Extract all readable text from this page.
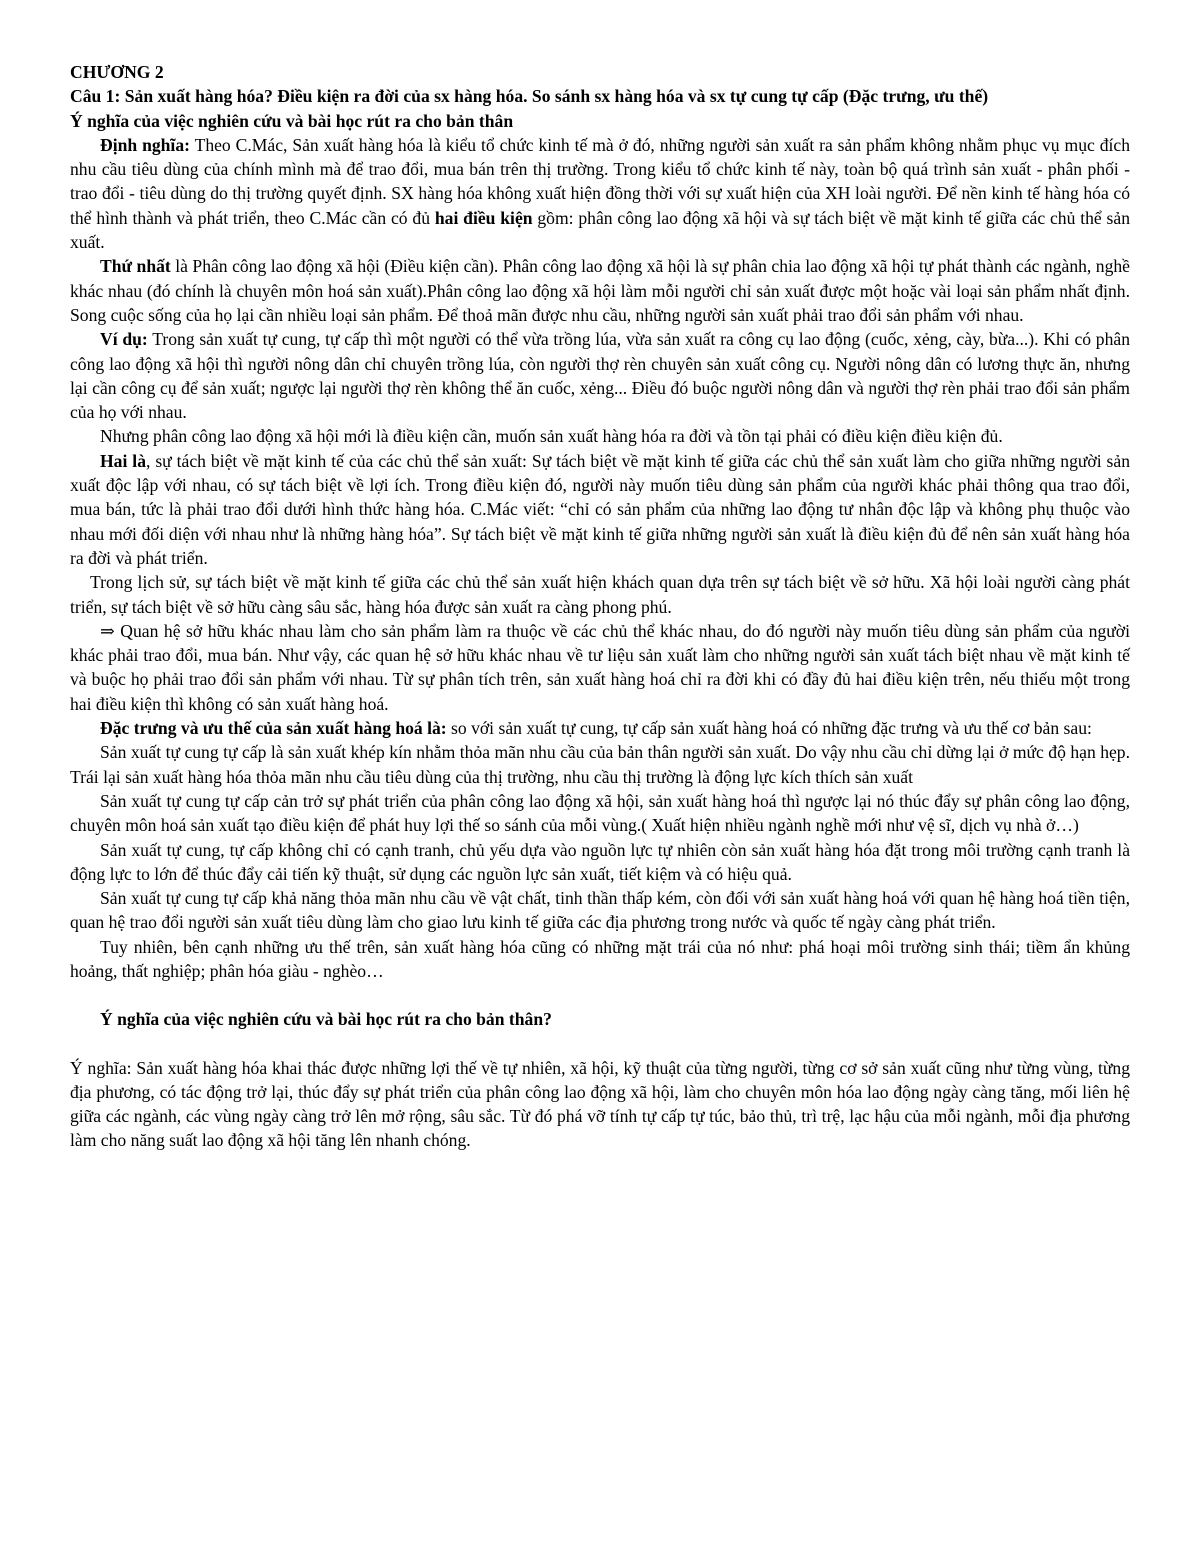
CHƯƠNG 2

Câu 1: Sản xuất hàng hóa? Điều kiện ra đời của sx hàng hóa. So sánh sx hàng hóa và sx tự cung tự cấp (Đặc trưng, ưu thế)

Ý nghĩa của việc nghiên cứu và bài học rút ra cho bản thân

Định nghĩa: Theo C.Mác, Sản xuất hàng hóa là kiểu tổ chức kinh tế mà ở đó, những người sản xuất ra sản phẩm không nhằm phục vụ mục đích nhu cầu tiêu dùng của chính mình mà để trao đổi, mua bán trên thị trường. Trong kiểu tổ chức kinh tế này, toàn bộ quá trình sản xuất - phân phối - trao đổi - tiêu dùng do thị trường quyết định. SX hàng hóa không xuất hiện đồng thời với sự xuất hiện của XH loài người. Để nền kinh tế hàng hóa có thể hình thành và phát triển, theo C.Mác cần có đủ hai điều kiện gồm: phân công lao động xã hội và sự tách biệt về mặt kinh tế giữa các chủ thể sản xuất.

Thứ nhất là Phân công lao động xã hội (Điều kiện cần). Phân công lao động xã hội là sự phân chia lao động xã hội tự phát thành các ngành, nghề khác nhau (đó chính là chuyên môn hoá sản xuất).Phân công lao động xã hội làm mỗi người chỉ sản xuất được một hoặc vài loại sản phẩm nhất định. Song cuộc sống của họ lại cần nhiều loại sản phẩm. Để thoả mãn được nhu cầu, những người sản xuất phải trao đổi sản phẩm với nhau.

Ví dụ: Trong sản xuất tự cung, tự cấp thì một người có thể vừa trồng lúa, vừa sản xuất ra công cụ lao động (cuốc, xẻng, cày, bừa...). Khi có phân công lao động xã hội thì người nông dân chỉ chuyên trồng lúa, còn người thợ rèn chuyên sản xuất công cụ. Người nông dân có lương thực ăn, nhưng lại cần công cụ để sản xuất; ngược lại người thợ rèn không thể ăn cuốc, xẻng... Điều đó buộc người nông dân và người thợ rèn phải trao đổi sản phẩm của họ với nhau.

Nhưng phân công lao động xã hội mới là điều kiện cần, muốn sản xuất hàng hóa ra đời và tồn tại phải có điều kiện điều kiện đủ.

Hai là, sự tách biệt về mặt kinh tế của các chủ thể sản xuất: Sự tách biệt về mặt kinh tế giữa các chủ thể sản xuất làm cho giữa những người sản xuất độc lập với nhau, có sự tách biệt về lợi ích. Trong điều kiện đó, người này muốn tiêu dùng sản phẩm của người khác phải thông qua trao đổi, mua bán, tức là phải trao đổi dưới hình thức hàng hóa. C.Mác viết: “chỉ có sản phẩm của những lao động tư nhân độc lập và không phụ thuộc vào nhau mới đối diện với nhau như là những hàng hóa”. Sự tách biệt về mặt kinh tế giữa những người sản xuất là điều kiện đủ để nên sản xuất hàng hóa ra đời và phát triển.

Trong lịch sử, sự tách biệt về mặt kinh tế giữa các chủ thể sản xuất hiện khách quan dựa trên sự tách biệt về sở hữu. Xã hội loài người càng phát triển, sự tách biệt về sở hữu càng sâu sắc, hàng hóa được sản xuất ra càng phong phú.

⇒ Quan hệ sở hữu khác nhau làm cho sản phẩm làm ra thuộc về các chủ thể khác nhau, do đó người này muốn tiêu dùng sản phẩm của người khác phải trao đổi, mua bán. Như vậy, các quan hệ sở hữu khác nhau về tư liệu sản xuất làm cho những người sản xuất tách biệt nhau về mặt kinh tế và buộc họ phải trao đổi sản phẩm với nhau. Từ sự phân tích trên, sản xuất hàng hoá chỉ ra đời khi có đầy đủ hai điều kiện trên, nếu thiếu một trong hai điều kiện thì không có sản xuất hàng hoá.

Đặc trưng và ưu thế của sản xuất hàng hoá là: so với sản xuất tự cung, tự cấp sản xuất hàng hoá có những đặc trưng và ưu thế cơ bản sau:

Sản xuất tự cung tự cấp là sản xuất khép kín nhằm thỏa mãn nhu cầu của bản thân người sản xuất. Do vậy nhu cầu chỉ dừng lại ở mức độ hạn hẹp. Trái lại sản xuất hàng hóa thỏa mãn nhu cầu tiêu dùng của thị trường, nhu cầu thị trường là động lực kích thích sản xuất

Sản xuất tự cung tự cấp cản trở sự phát triển của phân công lao động xã hội, sản xuất hàng hoá thì ngược lại nó thúc đẩy sự phân công lao động, chuyên môn hoá sản xuất tạo điều kiện để phát huy lợi thế so sánh của mỗi vùng.( Xuất hiện nhiều ngành nghề mới như vệ sĩ, dịch vụ nhà ở…)

Sản xuất tự cung, tự cấp không chỉ có cạnh tranh, chủ yếu dựa vào nguồn lực tự nhiên còn sản xuất hàng hóa đặt trong môi trường cạnh tranh là động lực to lớn để thúc đẩy cải tiến kỹ thuật, sử dụng các nguồn lực sản xuất, tiết kiệm và có hiệu quả.

Sản xuất tự cung tự cấp khả năng thỏa mãn nhu cầu về vật chất, tinh thần thấp kém, còn đối với sản xuất hàng hoá với quan hệ hàng hoá tiền tiện, quan hệ trao đổi người sản xuất tiêu dùng làm cho giao lưu kinh tế giữa các địa phương trong nước và quốc tế ngày càng phát triển.

Tuy nhiên, bên cạnh những ưu thế trên, sản xuất hàng hóa cũng có những mặt trái của nó như: phá hoại môi trường sinh thái; tiềm ẩn khủng hoảng, thất nghiệp; phân hóa giàu - nghèo…

Ý nghĩa của việc nghiên cứu và bài học rút ra cho bản thân?

Ý nghĩa: Sản xuất hàng hóa khai thác được những lợi thế về tự nhiên, xã hội, kỹ thuật của từng người, từng cơ sở sản xuất cũng như từng vùng, từng địa phương, có tác động trở lại, thúc đẩy sự phát triển của phân công lao động xã hội, làm cho chuyên môn hóa lao động ngày càng tăng, mối liên hệ giữa các ngành, các vùng ngày càng trở lên mở rộng, sâu sắc. Từ đó phá vỡ tính tự cấp tự túc, bảo thủ, trì trệ, lạc hậu của mỗi ngành, mỗi địa phương làm cho năng suất lao động xã hội tăng lên nhanh chóng.
